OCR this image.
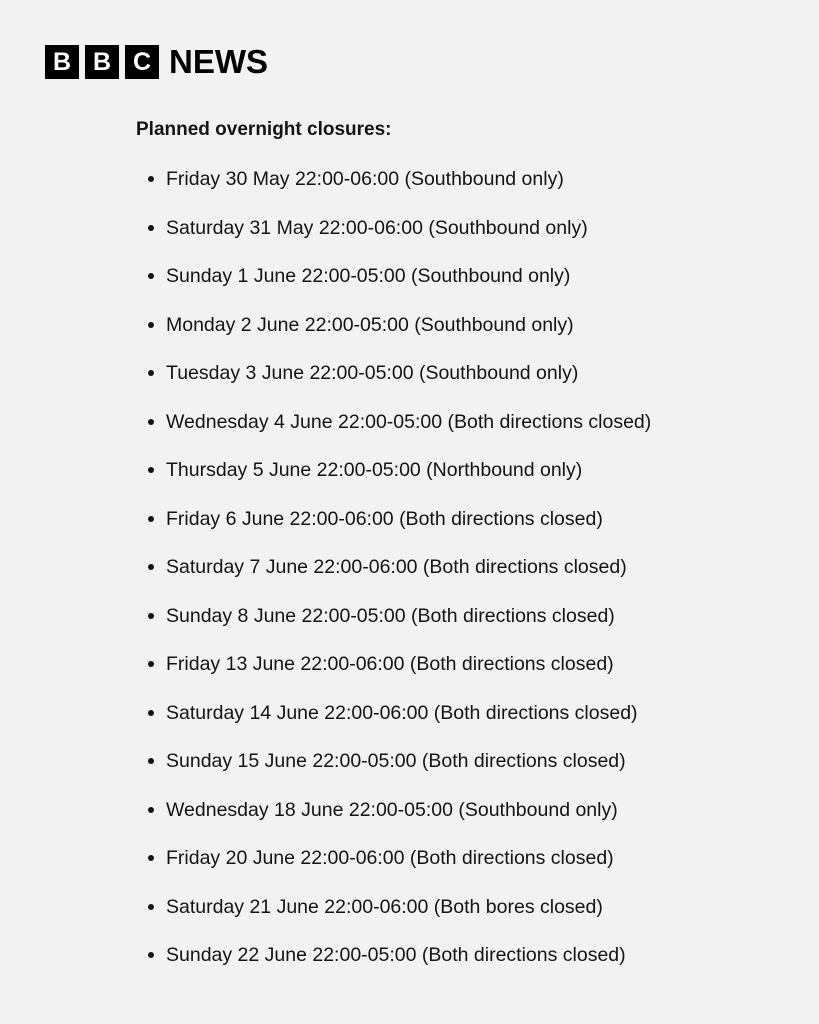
B B C NEWS
Planned overnight closures:
Friday 30 May 22:00-06:00 (Southbound only)
Saturday 31 May 22:00-06:00 (Southbound only)
Sunday 1 June 22:00-05:00 (Southbound only)
Monday 2 June 22:00-05:00 (Southbound only)
Tuesday 3 June 22:00-05:00 (Southbound only)
Wednesday 4 June 22:00-05:00 (Both directions closed)
Thursday 5 June 22:00-05:00 (Northbound only)
Friday 6 June 22:00-06:00 (Both directions closed)
Saturday 7 June 22:00-06:00 (Both directions closed)
Sunday 8 June 22:00-05:00 (Both directions closed)
Friday 13 June 22:00-06:00 (Both directions closed)
Saturday 14 June 22:00-06:00 (Both directions closed)
Sunday 15 June 22:00-05:00 (Both directions closed)
Wednesday 18 June 22:00-05:00 (Southbound only)
Friday 20 June 22:00-06:00 (Both directions closed)
Saturday 21 June 22:00-06:00 (Both bores closed)
Sunday 22 June 22:00-05:00 (Both directions closed)
